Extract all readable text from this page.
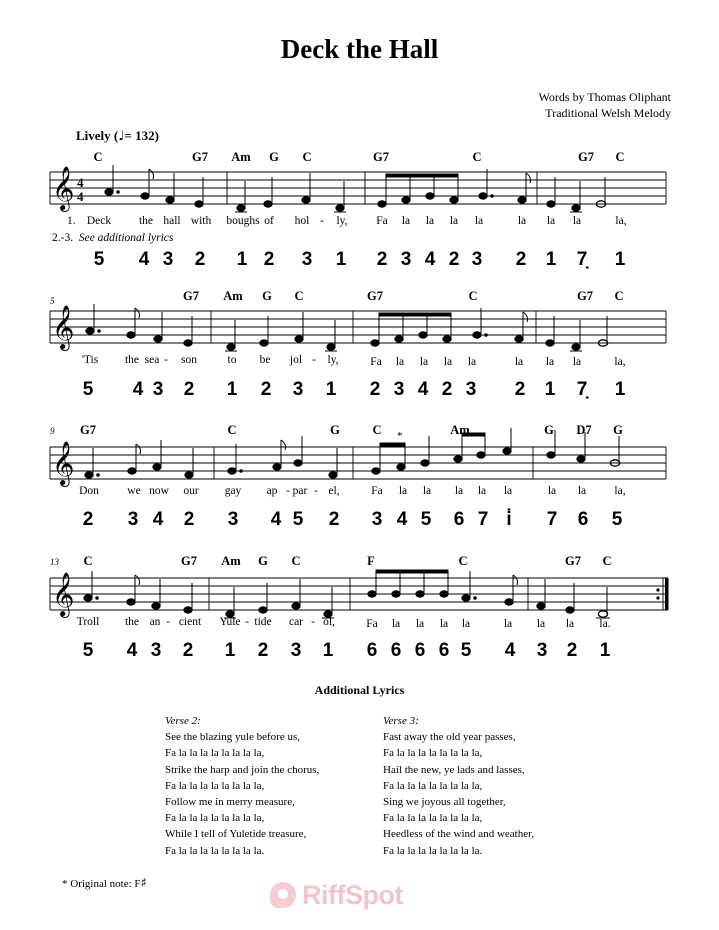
Deck the Hall
Words by Thomas Oliphant
Traditional Welsh Melody
Lively (♩= 132)
𝄞 4
4
C	G7 Am G C	G7	C	G7 C
1.
2.-3. See additional lyrics
Deck the hall with boughs of hol - ly, Fa la la la la	la la la	la,
5 4 3 2 1 2 3 1 2 3 4 2 3 2 1 7̣ 1
5
𝄞
G7 Am G C	G7	C	G7 C
'Tis the sea - son	to be jol - ly,	Fa la la la la	la la la	la,
5 4 3 2 1 2 3 1 2 3 4 2 3 2 1 7̣ 1
9
𝄞
G7	C	G	C *	Am	G D7 G
Don we now our gay ap - par - el,	Fa la la la la la	la la la,
2 3 4 2 3 4 5 2 3 4 5 6 7 i̇ 7 6 5
13
𝄞
C	G7 Am G C	F	C	G7 C
Troll the an - cient Yule - tide car - ol,	Fa la la la la	la la la la.
5 4 3 2 1 2 3 1 6 6 6 6 5 4 3 2 1
Additional Lyrics
Verse 2:
See the blazing yule before us,
Fa la la la la la la la la,
Strike the harp and join the chorus,
Fa la la la la la la la la,
Follow me in merry measure,
Fa la la la la la la la la,
While I tell of Yuletide treasure,
Fa la la la la la la la la.
Verse 3:
Fast away the old year passes,
Fa la la la la la la la la,
Hail the new, ye lads and lasses,
Fa la la la la la la la la,
Sing we joyous all together,
Fa la la la la la la la la,
Heedless of the wind and weather,
Fa la la la la la la la la.
* Original note: F♯	RiffSpot
